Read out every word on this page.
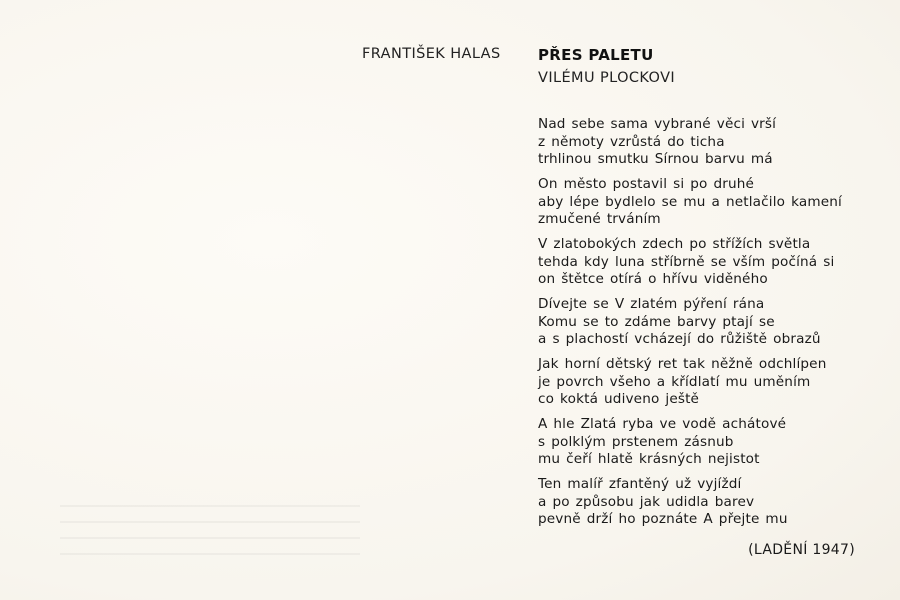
FRANTIŠEK HALAS PŘES PALETU
VILÉMU PLOCKOVI
Nad sebe sama vybrané věci vrší
z němoty vzrůstá do ticha
trhlinou smutku Sírnou barvu má
On město postavil si po druhé
aby lépe bydlelo se mu a netlačilo kamení
zmučené trváním
V zlatobokých zdech po střížích světla
tehda kdy luna stříbrně se vším počíná si
on štětce otírá o hřívu viděného
Dívejte se V zlatém pýření rána
Komu se to zdáme barvy ptají se
a s plachostí vcházejí do růžiště obrazů
Jak horní dětský ret tak něžně odchlípen
je povrch všeho a křídlatí mu uměním
co koktá udiveno ještě
A hle Zlatá ryba ve vodě achátové
s polklým prstenem zásnub
mu čeří hlatě krásných nejistot
Ten malíř zfantěný už vyjíždí
a po způsobu jak udidla barev
pevně drží ho poznáte A přejte mu
(LADĚNÍ 1947)
